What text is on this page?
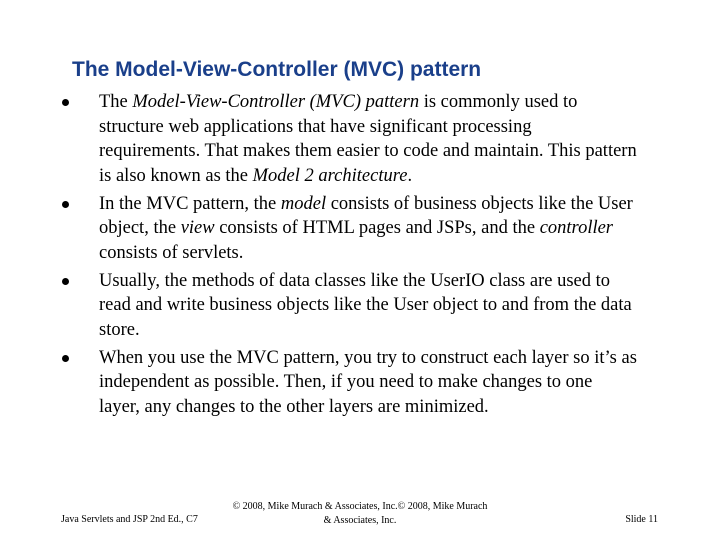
The Model-View-Controller (MVC) pattern
The Model-View-Controller (MVC) pattern is commonly used to structure web applications that have significant processing requirements. That makes them easier to code and maintain. This pattern is also known as the Model 2 architecture.
In the MVC pattern, the model consists of business objects like the User object, the view consists of HTML pages and JSPs, and the controller consists of servlets.
Usually, the methods of data classes like the UserIO class are used to read and write business objects like the User object to and from the data store.
When you use the MVC pattern, you try to construct each layer so it’s as independent as possible. Then, if you need to make changes to one layer, any changes to the other layers are minimized.
Java Servlets and JSP 2nd Ed., C7
© 2008, Mike Murach & Associates, Inc.© 2008, Mike Murach & Associates, Inc.	Slide 11
